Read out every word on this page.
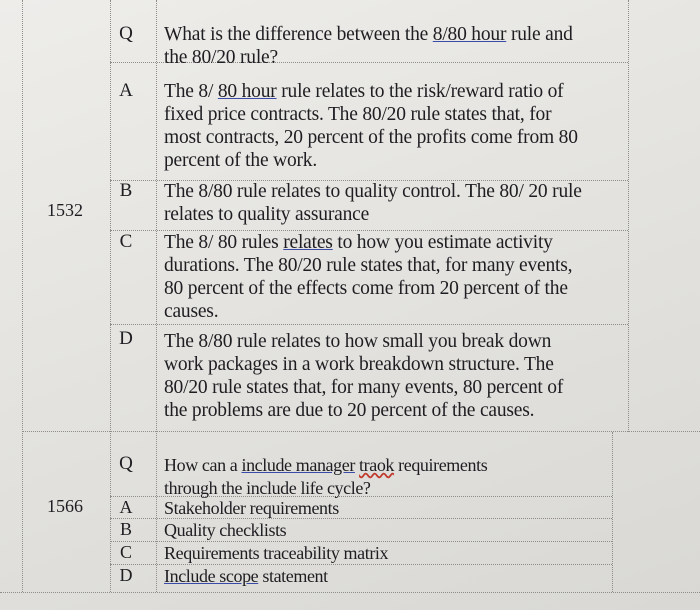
1532
Q	What is the difference between the 8/80 hour rule and
the 80/20 rule?
A	The 8/ 80 hour rule relates to the risk/reward ratio of
fixed price contracts. The 80/20 rule states that, for
most contracts, 20 percent of the profits come from 80
percent of the work.
B	The 8/80 rule relates to quality control. The 80/ 20 rule
relates to quality assurance
C	The 8/ 80 rules relates to how you estimate activity
durations. The 80/20 rule states that, for many events,
80 percent of the effects come from 20 percent of the
causes.
D	The 8/80 rule relates to how small you break down
work packages in a work breakdown structure. The
80/20 rule states that, for many events, 80 percent of
the problems are due to 20 percent of the causes.
1566
Q	How can a include manager traok requirements
through the include life cycle?
A	Stakeholder requirements
B	Quality checklists
C	Requirements traceability matrix
D	Include scope statement
